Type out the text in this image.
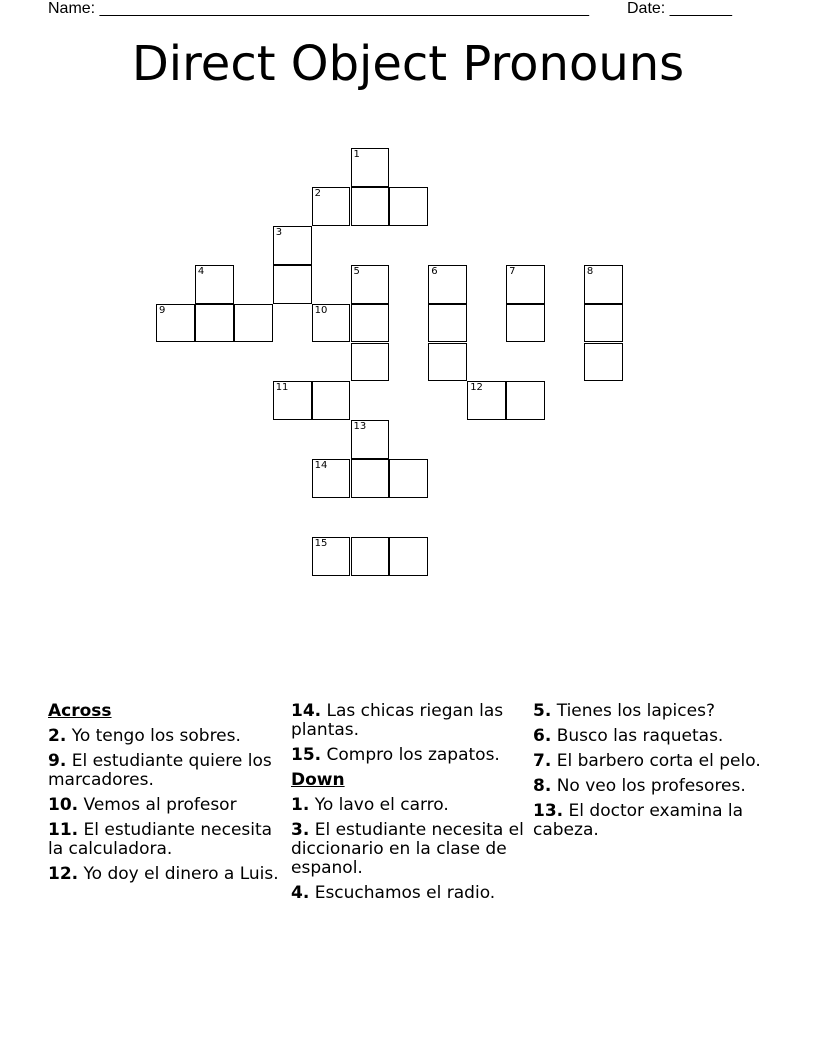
Name: _______________________________________________________ Date: _______
Direct Object Pronouns
1
2
3
4	5	6	7	8
9	10
11	12
13
14
15
Across
2. Yo tengo los sobres.
9. El estudiante quiere los marcadores.
10. Vemos al profesor
11. El estudiante necesita la calculadora.
12. Yo doy el dinero a Luis.
14. Las chicas riegan las plantas.
15. Compro los zapatos.
Down
1. Yo lavo el carro.
3. El estudiante necesita el diccionario en la clase de espanol.
4. Escuchamos el radio.
5. Tienes los lapices?
6. Busco las raquetas.
7. El barbero corta el pelo.
8. No veo los profesores.
13. El doctor examina la cabeza.
